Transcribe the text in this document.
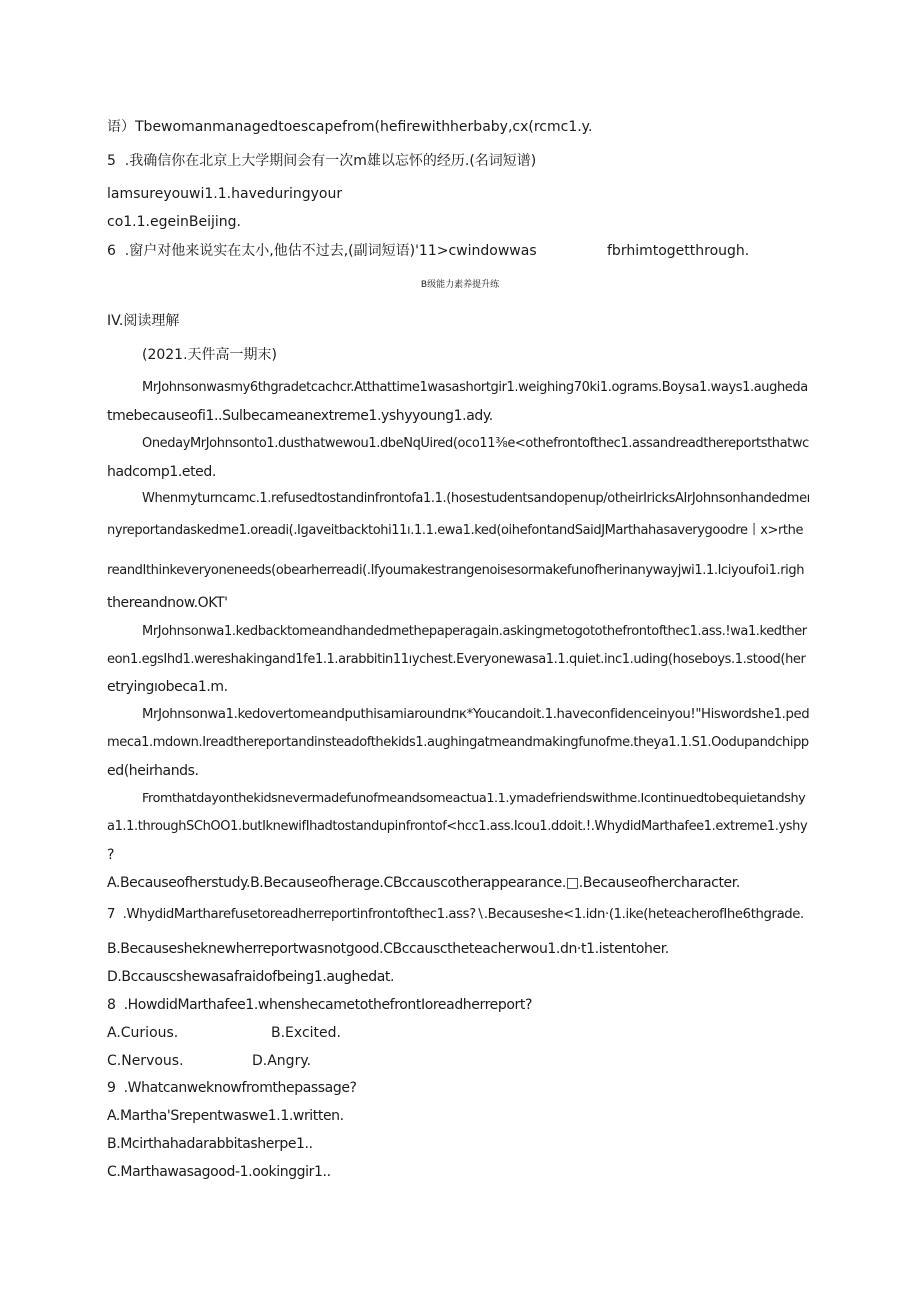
语）Tbewomanmanagedtoescapefrom(hefirewithherbaby,cx(rcmc1.y.

5  .我确信你在北京上大学期间会有一次m雄以忘怀的经历.(名词短谱)

lamsureyouwi1.1.haveduringyour

co1.1.egeinBeijing.

6  .窗户对他来说实在太小,他估不过去,(副词短语)'11>cwindowwas	fbrhimtogetthrough.

B级能力素养提升练

IV.阅读理解

(2021.天件高一期末)

MrJohnsonwasmy6thgradetcachcr.Atthattime1wasashortgir1.weighing70ki1.ograms.Boysa1.ways1.aughedа

tmebecauseofi1..Sulbecameanextreme1.yshyyoung1.ady.

OnedayMrJohnsonto1.dusthatwewou1.dbeNqUired(oco11⅜e<othefrontofthec1.assandreadthereportsthatwc

hadcomp1.eted.

Whenmyturncamc.1.refusedtostandinfrontofa1.1.(hosestudentsandopenup/otheirIricksAIrJohnsonhandedmeı

nyreportandaskedme1.oreadi(.Igaveitbacktohi11ı.1.1.ewa1.ked(oihefontandSaidJMarthahasaverygoodre丨x>rthe

reandIthinkeveryoneneeds(obearherreadi(.Ifyoumakestrangenoisesormakefunofherinanywayjwi1.1.Iciyoufoi1.righ

thereandnow.OKT'

MrJohnsonwa1.kedbacktomeandhandedmethepaperagain.askingmetogotothefrontofthec1.ass.!wa1.kedther

eon1.egsIhd1.wereshakingand1fe1.1.arabbitin11ıychest.Everyonewasa1.1.quiet.inc1.uding(hoseboys.1.stood(her

etryingıobeca1.m.

MrJohnsonwa1.kedovertomeandputhisamiaroundпк*Youcandoit.1.haveconfidenceinyou!"Hiswordshe1.ped

meca1.mdown.Ireadthereportandinsteadofthekids1.aughingatmeandmakingfunofme.theya1.1.S1.Oodupandchipp

ed(heirhands.

Fromthatdayonthekidsnevermadefunofmeandsomeactua1.1.ymadefriendswithme.Icontinuedtobequietandshy

a1.1.throughSChOO1.butIknewifIhadtostandupinfrontof<hcc1.ass.Icou1.ddoit.!.WhydidMarthafee1.extreme1.yshy

?

A.Becauseofherstudy.B.Becauseofherage.CBccauscotherappearance.□.Becauseofhercharacter.

7  .WhydidMartharefusetoreadherreportinfrontofthec1.ass?∖.Becauseshe<1.idn·(1.ike(heteacherofIhe6thgrade.

B.Becausesheknewherreportwasnotgood.CBccausctheteacherwou1.dn·t1.istentoher.

D.Bccauscshewasafraidofbeing1.aughedat.

8  .HowdidMarthafee1.whenshecametothefrontIoreadherreport?

A.Curious.	B.Excited.

C.Nervous.	D.Angry.

9  .Whatcanweknowfromthepassage?

A.Martha'Srepentwaswe1.1.written.

B.Mcirthahadarabbitasherpe1..

C.Marthawasagood-1.ookinggir1..
